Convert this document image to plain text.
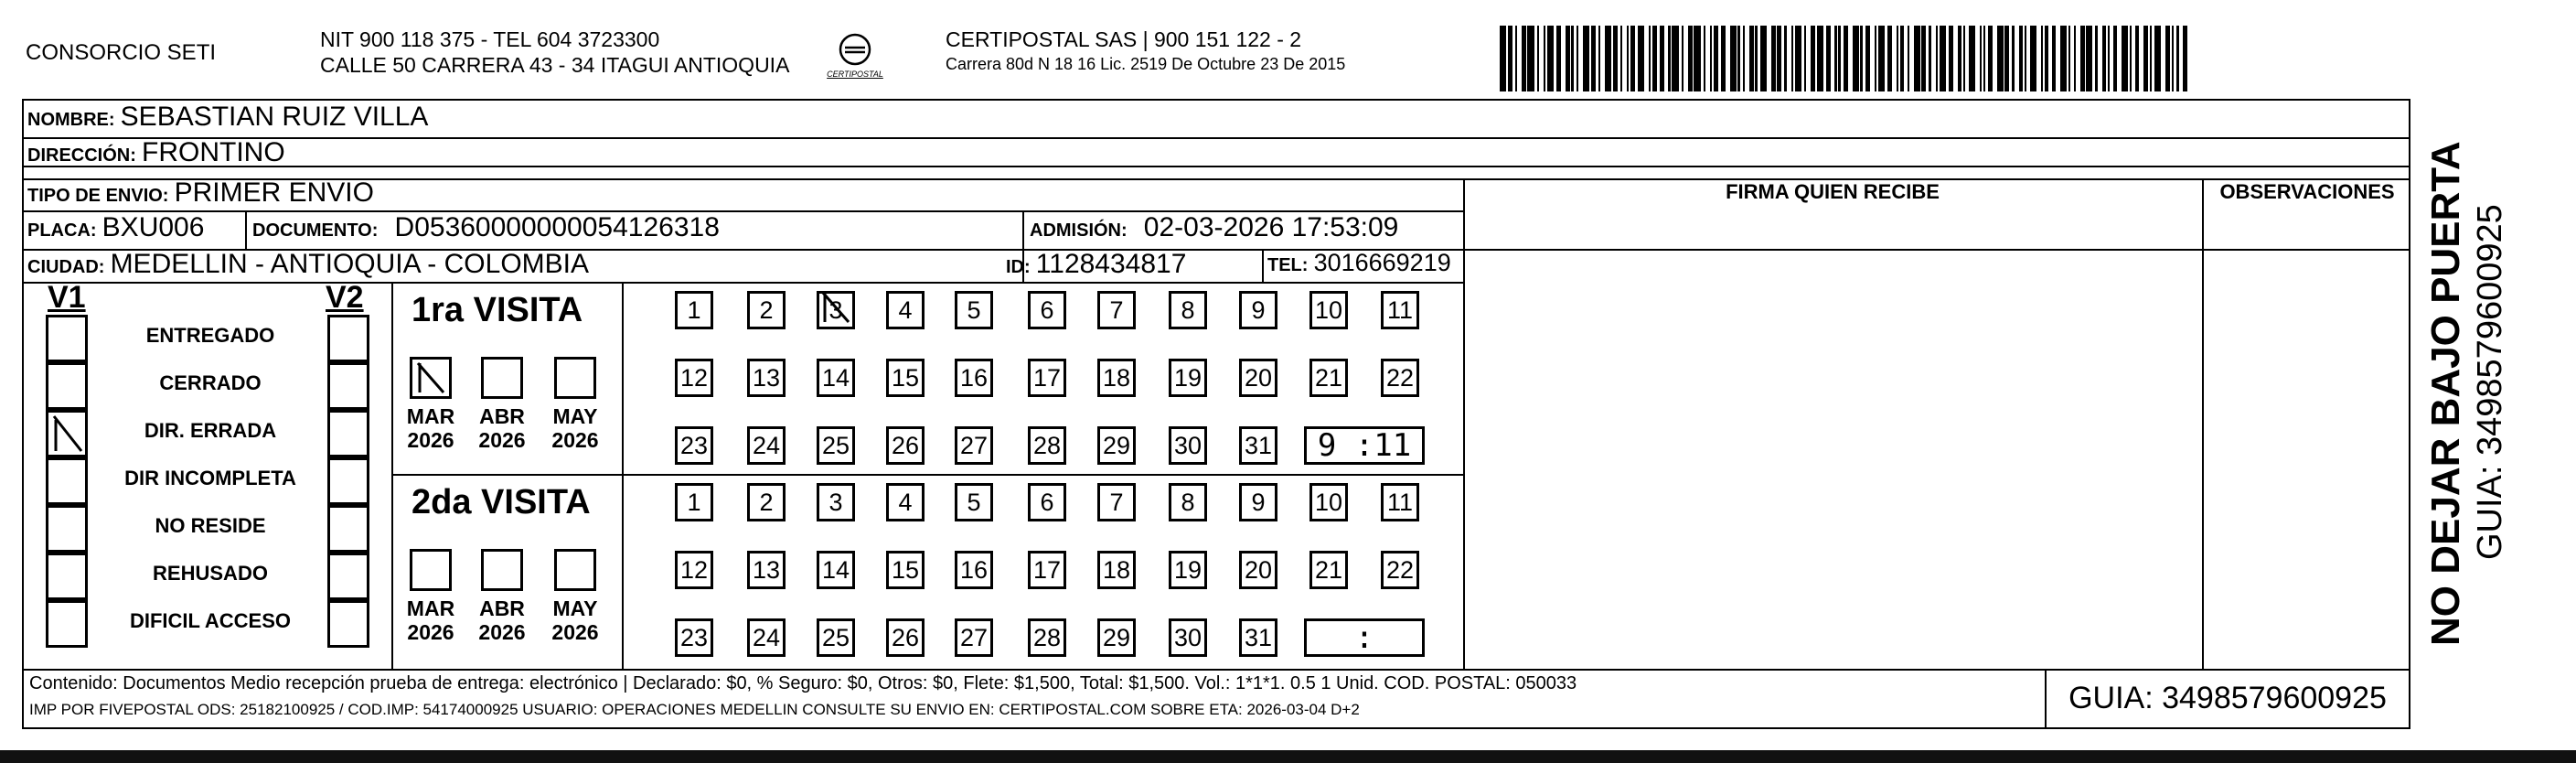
CONSORCIO SETI
NIT 900 118 375 - TEL 604 3723300
CALLE 50 CARRERA 43 - 34 ITAGUI ANTIOQUIA	CERTIPOSTAL
CERTIPOSTAL SAS | 900 151 122 - 2
Carrera 80d N 18 16 Lic. 2519 De Octubre 23 De 2015
NOMBRE: SEBASTIAN RUIZ VILLA
DIRECCIÓN: FRONTINO
TIPO DE ENVIO: PRIMER ENVIO
PLACA: BXU006	DOCUMENTO: D05360000000054126318	ADMISIÓN: 02-03-2026 17:53:09
CIUDAD: MEDELLIN - ANTIOQUIA - COLOMBIA	ID: 1128434817	TEL: 3016669219
FIRMA QUIEN RECIBE	OBSERVACIONES
V1	V2
ENTREGADO
CERRADO
DIR. ERRADA
DIR INCOMPLETA
NO RESIDE
REHUSADO
DIFICIL ACCESO
1ra VISITA
MAR
2026
ABR
2026
MAY
2026
1	2	3	4	5	6	7	8	9	10 11
12 13 14 15 16 17 18 19 20 21 22
23 24 25 26 27 28 29 30 31	9 :11
2da VISITA
MAR
2026
ABR
2026
MAY
2026
1	2	3	4	5	6	7	8	9	10 11
12 13 14 15 16 17 18 19 20 21 22
23 24 25 26 27 28 29 30 31	:
Contenido: Documentos Medio recepción prueba de entrega: electrónico | Declarado: $0, % Seguro: $0, Otros: $0, Flete: $1,500, Total: $1,500. Vol.: 1*1*1. 0.5 1 Unid. COD. POSTAL: 050033
IMP POR FIVEPOSTAL ODS: 25182100925 / COD.IMP: 54174000925 USUARIO: OPERACIONES MEDELLIN CONSULTE SU ENVIO EN: CERTIPOSTAL.COM SOBRE ETA: 2026-03-04 D+2	GUIA: 3498579600925
NO DEJAR BAJO PUERTA GUIA: 3498579600925
